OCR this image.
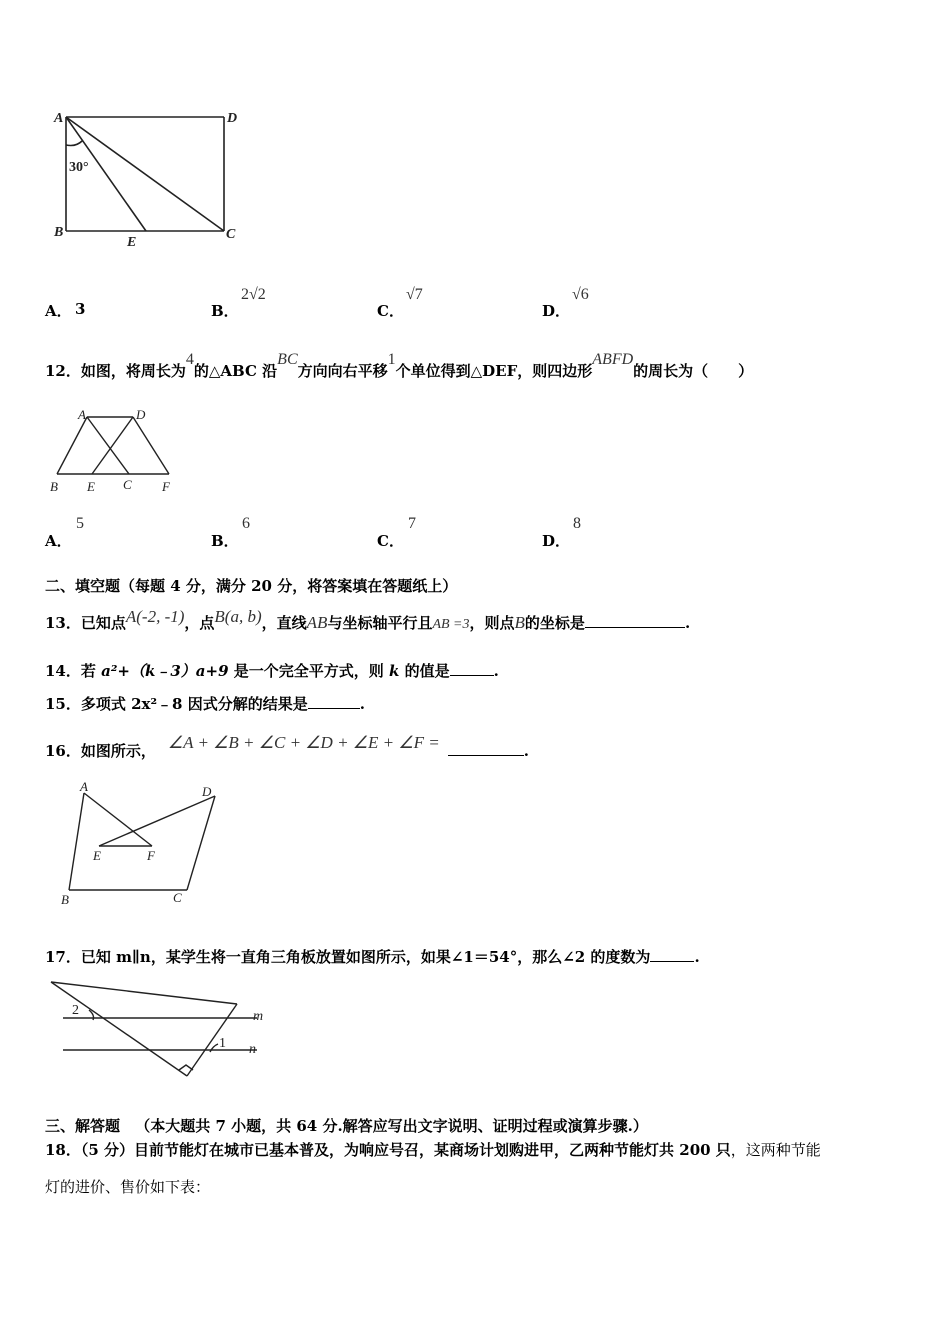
A	D
B
E
C
30°
A． 3	B．
2√2
C．
√7
D．
√6
12．如图，将周长为4的△ABC 沿BC方向向右平移1个单位得到△DEF，则四边形ABFD的周长为（　　）
A	D
B E C F
A．
5
B．
6
C．
7
D．
8
二、填空题（每题 4 分，满分 20 分，将答案填在答题纸上）
13．已知点A(-2, -1)，点B(a, b)，直线AB与坐标轴平行且AB =3，则点B的坐标是	.
14．若 a²+（k﹣3）a+9 是一个完全平方式，则 k 的值是	.
15．多项式 2x²﹣8 因式分解的结果是	.
16．如图所示， ∠A + ∠B + ∠C + ∠D + ∠E + ∠F =	.
A	D
E	F
B	C
17．已知 m∥n，某学生将一直角三角板放置如图所示，如果∠1＝54°，那么∠2 的度数为	.
2
1
m
n
三、解答题 （本大题共 7 小题，共 64 分.解答应写出文字说明、证明过程或演算步骤.）
18．（5 分）目前节能灯在城市已基本普及，为响应号召，某商场计划购进甲，乙两种节能灯共 200 只，这两种节能
灯的进价、售价如下表：
